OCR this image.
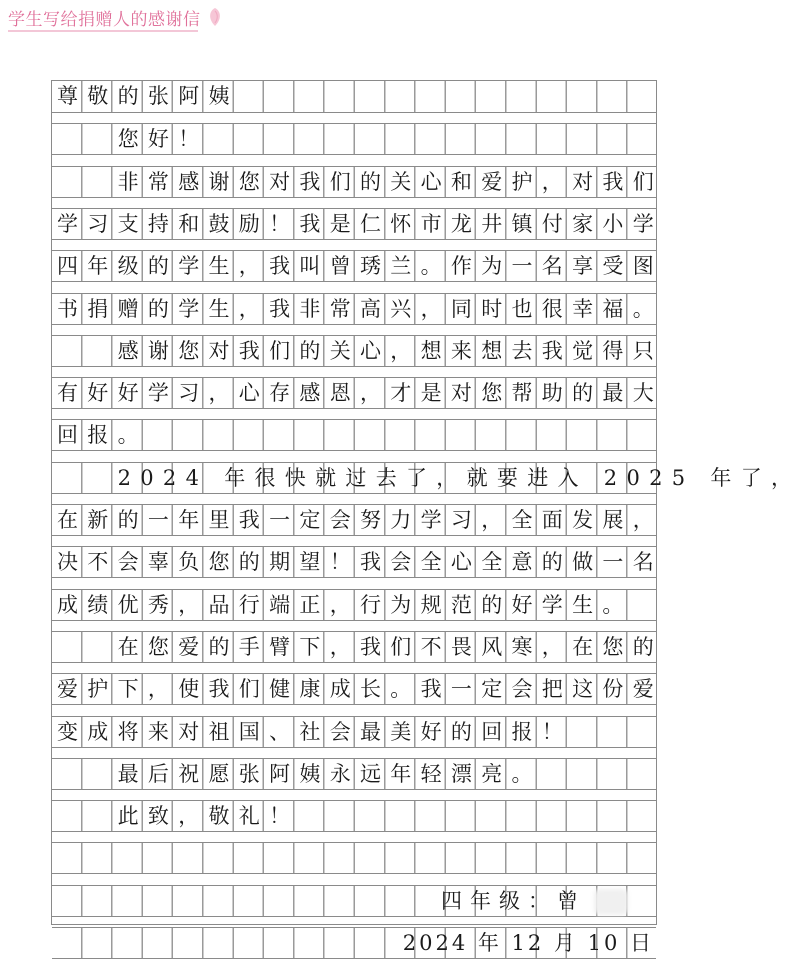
学生写给捐赠人的感谢信
尊敬的张阿姨
您好！
非常感谢您对我们的关心和爱护，对我们
学习支持和鼓励！我是仁怀市龙井镇付家小学
四年级的学生，我叫曾琇兰。作为一名享受图
书捐赠的学生，我非常高兴，同时也很幸福。
感谢您对我们的关心，想来想去我觉得只
有好好学习，心存感恩，才是对您帮助的最大
回报。
2024 年很快就过去了，就要进入 2025 年了，
在新的一年里我一定会努力学习，全面发展，
决不会辜负您的期望！我会全心全意的做一名
成绩优秀，品行端正，行为规范的好学生。
在您爱的手臂下，我们不畏风寒，在您的
爱护下，使我们健康成长。我一定会把这份爱
变成将来对祖国、社会最美好的回报！
最后祝愿张阿姨永远年轻漂亮。
此致，敬礼！
四年级：曾
2024 年 12 月 10 日
